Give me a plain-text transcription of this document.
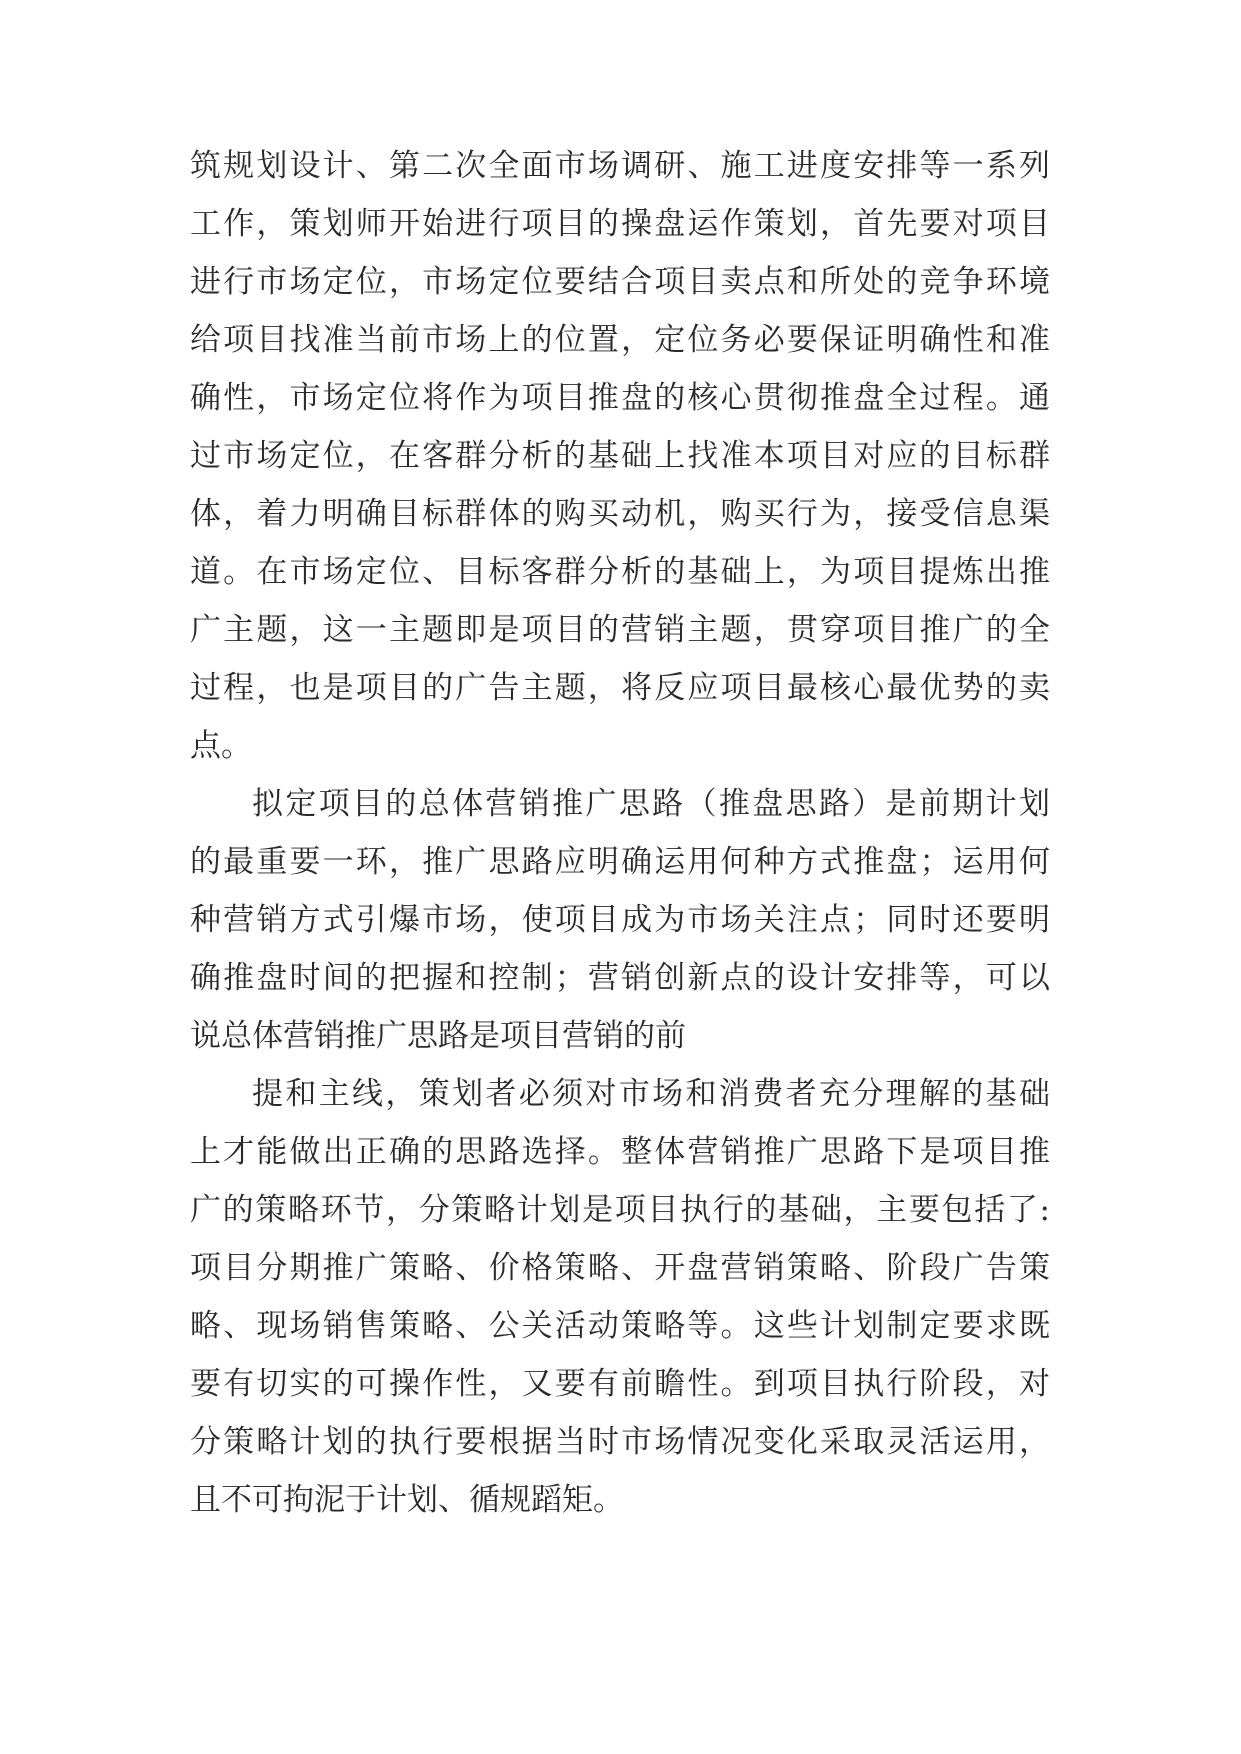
筑规划设计、第二次全面市场调研、施工进度安排等一系列
工作，策划师开始进行项目的操盘运作策划，首先要对项目
进行市场定位，市场定位要结合项目卖点和所处的竞争环境
给项目找准当前市场上的位置，定位务必要保证明确性和准
确性，市场定位将作为项目推盘的核心贯彻推盘全过程。通
过市场定位，在客群分析的基础上找准本项目对应的目标群
体，着力明确目标群体的购买动机，购买行为，接受信息渠
道。在市场定位、目标客群分析的基础上，为项目提炼出推
广主题，这一主题即是项目的营销主题，贯穿项目推广的全
过程，也是项目的广告主题，将反应项目最核心最优势的卖
点。
拟定项目的总体营销推广思路（推盘思路）是前期计划
的最重要一环，推广思路应明确运用何种方式推盘；运用何
种营销方式引爆市场，使项目成为市场关注点；同时还要明
确推盘时间的把握和控制；营销创新点的设计安排等，可以
说总体营销推广思路是项目营销的前
提和主线，策划者必须对市场和消费者充分理解的基础
上才能做出正确的思路选择。整体营销推广思路下是项目推
广的策略环节，分策略计划是项目执行的基础，主要包括了:
项目分期推广策略、价格策略、开盘营销策略、阶段广告策
略、现场销售策略、公关活动策略等。这些计划制定要求既
要有切实的可操作性，又要有前瞻性。到项目执行阶段，对
分策略计划的执行要根据当时市场情况变化采取灵活运用，
且不可拘泥于计划、循规蹈矩。
